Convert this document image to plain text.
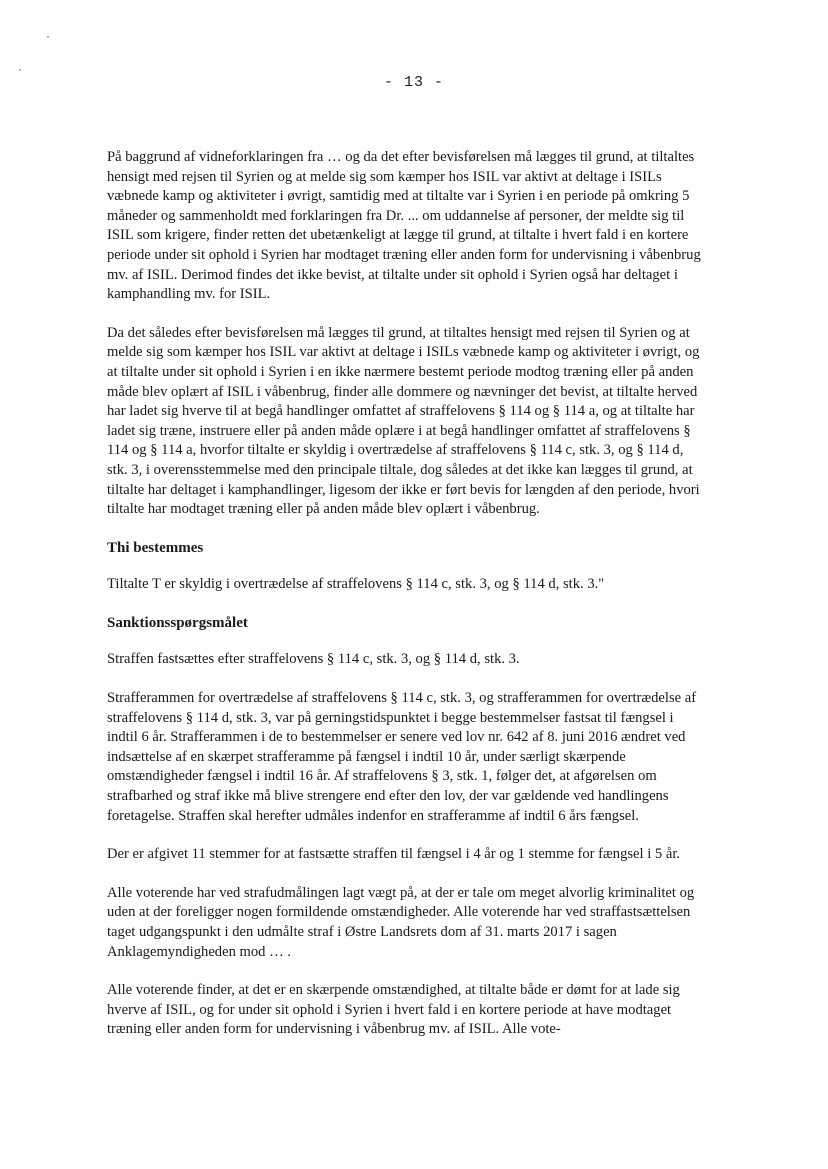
- 13 -

På baggrund af vidneforklaringen fra … og da det efter bevisførelsen må lægges til grund, at tiltaltes hensigt med rejsen til Syrien og at melde sig som kæmper hos ISIL var aktivt at deltage i ISILs væbnede kamp og aktiviteter i øvrigt, samtidig med at tiltalte var i Syrien i en periode på omkring 5 måneder og sammenholdt med forklaringen fra Dr. ... om uddannelse af personer, der meldte sig til ISIL som krigere, finder retten det ubetænkeligt at lægge til grund, at tiltalte i hvert fald i en kortere periode under sit ophold i Syrien har modtaget træning eller anden form for undervisning i våbenbrug mv. af ISIL. Derimod findes det ikke bevist, at tiltalte under sit ophold i Syrien også har deltaget i kamphandling mv. for ISIL.

Da det således efter bevisførelsen må lægges til grund, at tiltaltes hensigt med rejsen til Syrien og at melde sig som kæmper hos ISIL var aktivt at deltage i ISILs væbnede kamp og aktiviteter i øvrigt, og at tiltalte under sit ophold i Syrien i en ikke nærmere bestemt periode modtog træning eller på anden måde blev oplært af ISIL i våbenbrug, finder alle dommere og nævninger det bevist, at tiltalte herved har ladet sig hverve til at begå handlinger omfattet af straffelovens § 114 og § 114 a, og at tiltalte har ladet sig træne, instruere eller på anden måde oplære i at begå handlinger omfattet af straffelovens § 114 og § 114 a, hvorfor tiltalte er skyldig i overtrædelse af straffelovens § 114 c, stk. 3, og § 114 d, stk. 3, i overensstemmelse med den principale tiltale, dog således at det ikke kan lægges til grund, at tiltalte har deltaget i kamphandlinger, ligesom der ikke er ført bevis for længden af den periode, hvori tiltalte har modtaget træning eller på anden måde blev oplært i våbenbrug.

Thi bestemmes

Tiltalte T er skyldig i overtrædelse af straffelovens § 114 c, stk. 3, og § 114 d, stk. 3."

Sanktionsspørgsmålet

Straffen fastsættes efter straffelovens § 114 c, stk. 3, og § 114 d, stk. 3.

Strafferammen for overtrædelse af straffelovens § 114 c, stk. 3, og strafferammen for overtrædelse af straffelovens § 114 d, stk. 3, var på gerningstidspunktet i begge bestemmelser fastsat til fængsel i indtil 6 år. Strafferammen i de to bestemmelser er senere ved lov nr. 642 af 8. juni 2016 ændret ved indsættelse af en skærpet strafferamme på fængsel i indtil 10 år, under særligt skærpende omstændigheder fængsel i indtil 16 år. Af straffelovens § 3, stk. 1, følger det, at afgørelsen om strafbarhed og straf ikke må blive strengere end efter den lov, der var gældende ved handlingens foretagelse. Straffen skal herefter udmåles indenfor en strafferamme af indtil 6 års fængsel.

Der er afgivet 11 stemmer for at fastsætte straffen til fængsel i 4 år og 1 stemme for fængsel i 5 år.

Alle voterende har ved strafudmålingen lagt vægt på, at der er tale om meget alvorlig kriminalitet og uden at der foreligger nogen formildende omstændigheder. Alle voterende har ved straffastsættelsen taget udgangspunkt i den udmålte straf i Østre Landsrets dom af 31. marts 2017 i sagen Anklagemyndigheden mod … .

Alle voterende finder, at det er en skærpende omstændighed, at tiltalte både er dømt for at lade sig hverve af ISIL, og for under sit ophold i Syrien i hvert fald i en kortere periode at have modtaget træning eller anden form for undervisning i våbenbrug mv. af ISIL. Alle vote-
